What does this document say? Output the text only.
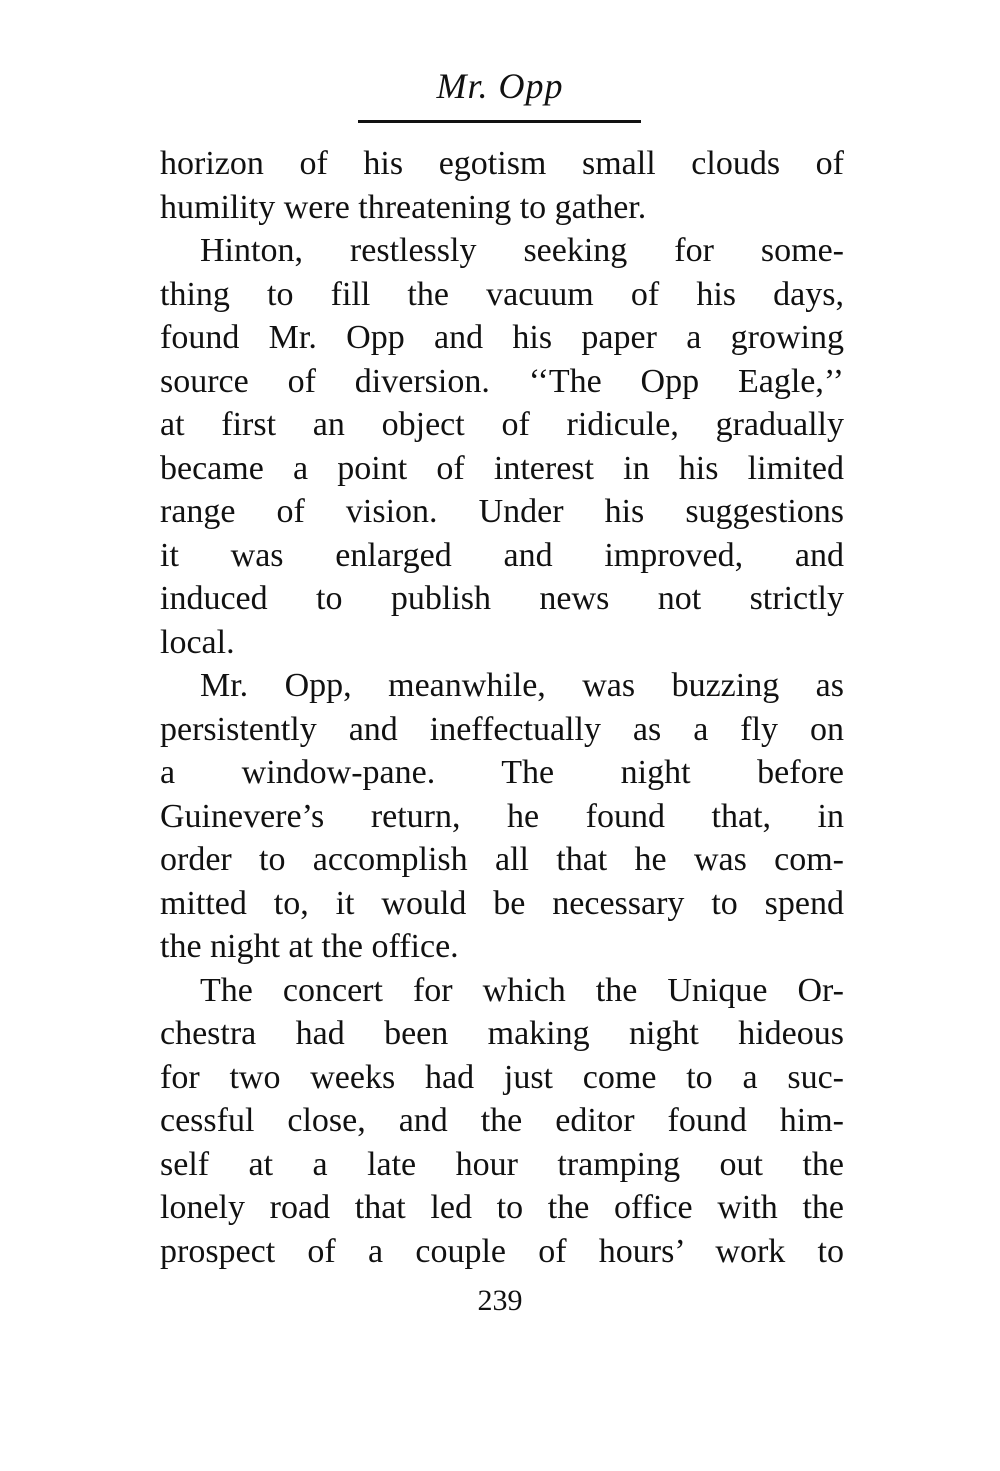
Mr. Opp
horizon of his egotism small clouds of
humility were threatening to gather.
Hinton, restlessly seeking for some-
thing to fill the vacuum of his days,
found Mr. Opp and his paper a growing
source of diversion. ‘‘The Opp Eagle,’’
at first an object of ridicule, gradually
became a point of interest in his limited
range of vision. Under his suggestions
it was enlarged and improved, and
induced to publish news not strictly
local.
Mr. Opp, meanwhile, was buzzing as
persistently and ineffectually as a fly on
a window-pane. The night before
Guinevere’s return, he found that, in
order to accomplish all that he was com-
mitted to, it would be necessary to spend
the night at the office.
The concert for which the Unique Or-
chestra had been making night hideous
for two weeks had just come to a suc-
cessful close, and the editor found him-
self at a late hour tramping out the
lonely road that led to the office with the
prospect of a couple of hours’ work to
239
